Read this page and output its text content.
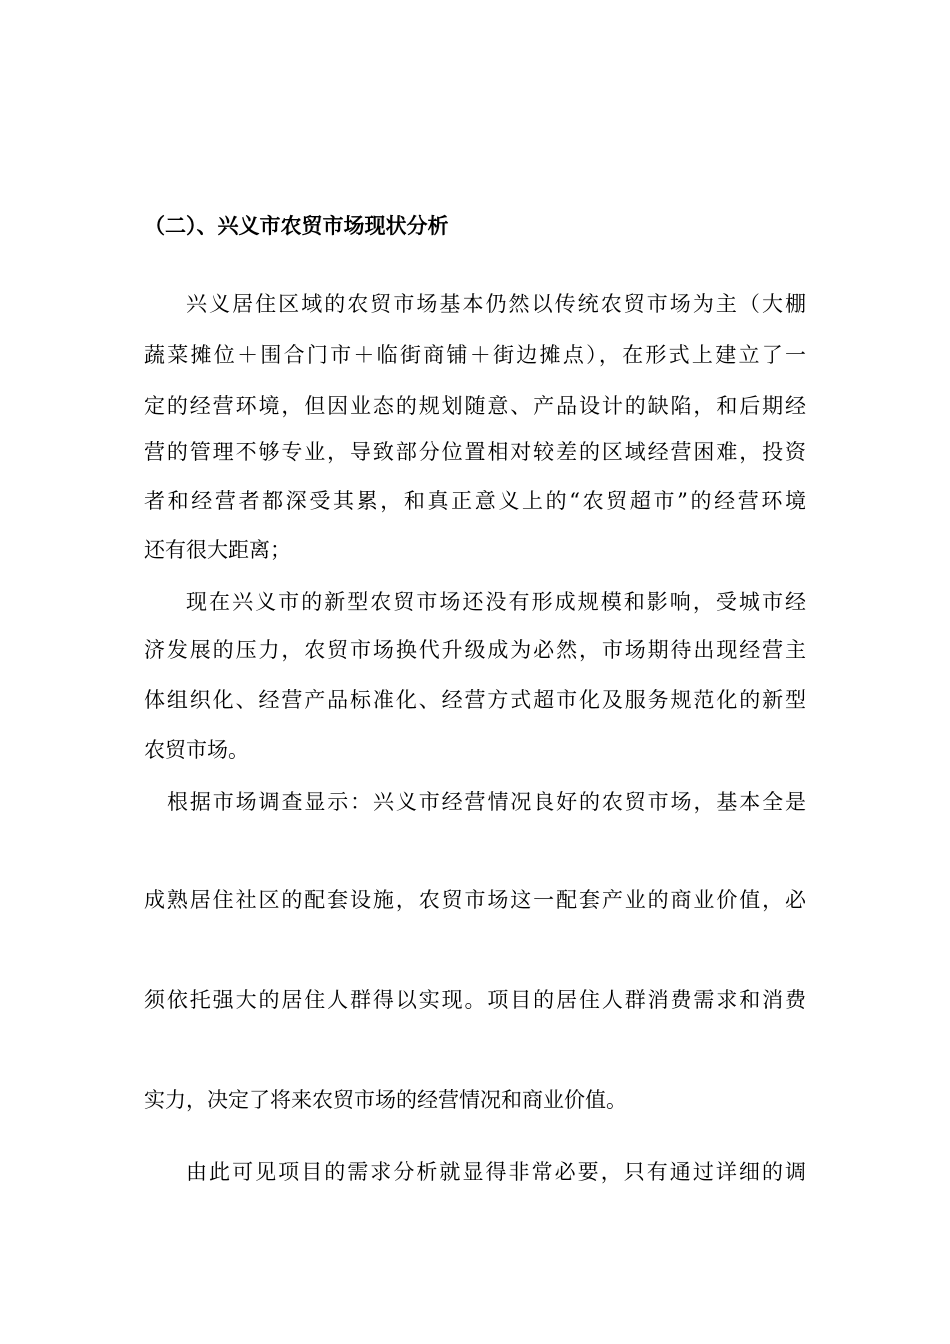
（二）、兴义市农贸市场现状分析
兴义居住区域的农贸市场基本仍然以传统农贸市场为主（大棚
蔬菜摊位＋围合门市＋临街商铺＋街边摊点），在形式上建立了一
定的经营环境，但因业态的规划随意、产品设计的缺陷，和后期经
营的管理不够专业，导致部分位置相对较差的区域经营困难，投资
者和经营者都深受其累，和真正意义上的“农贸超市”的经营环境
还有很大距离；
现在兴义市的新型农贸市场还没有形成规模和影响，受城市经
济发展的压力，农贸市场换代升级成为必然，市场期待出现经营主
体组织化、经营产品标准化、经营方式超市化及服务规范化的新型
农贸市场。
根据市场调查显示：兴义市经营情况良好的农贸市场，基本全是
成熟居住社区的配套设施，农贸市场这一配套产业的商业价值，必
须依托强大的居住人群得以实现。项目的居住人群消费需求和消费
实力，决定了将来农贸市场的经营情况和商业价值。
由此可见项目的需求分析就显得非常必要，只有通过详细的调
